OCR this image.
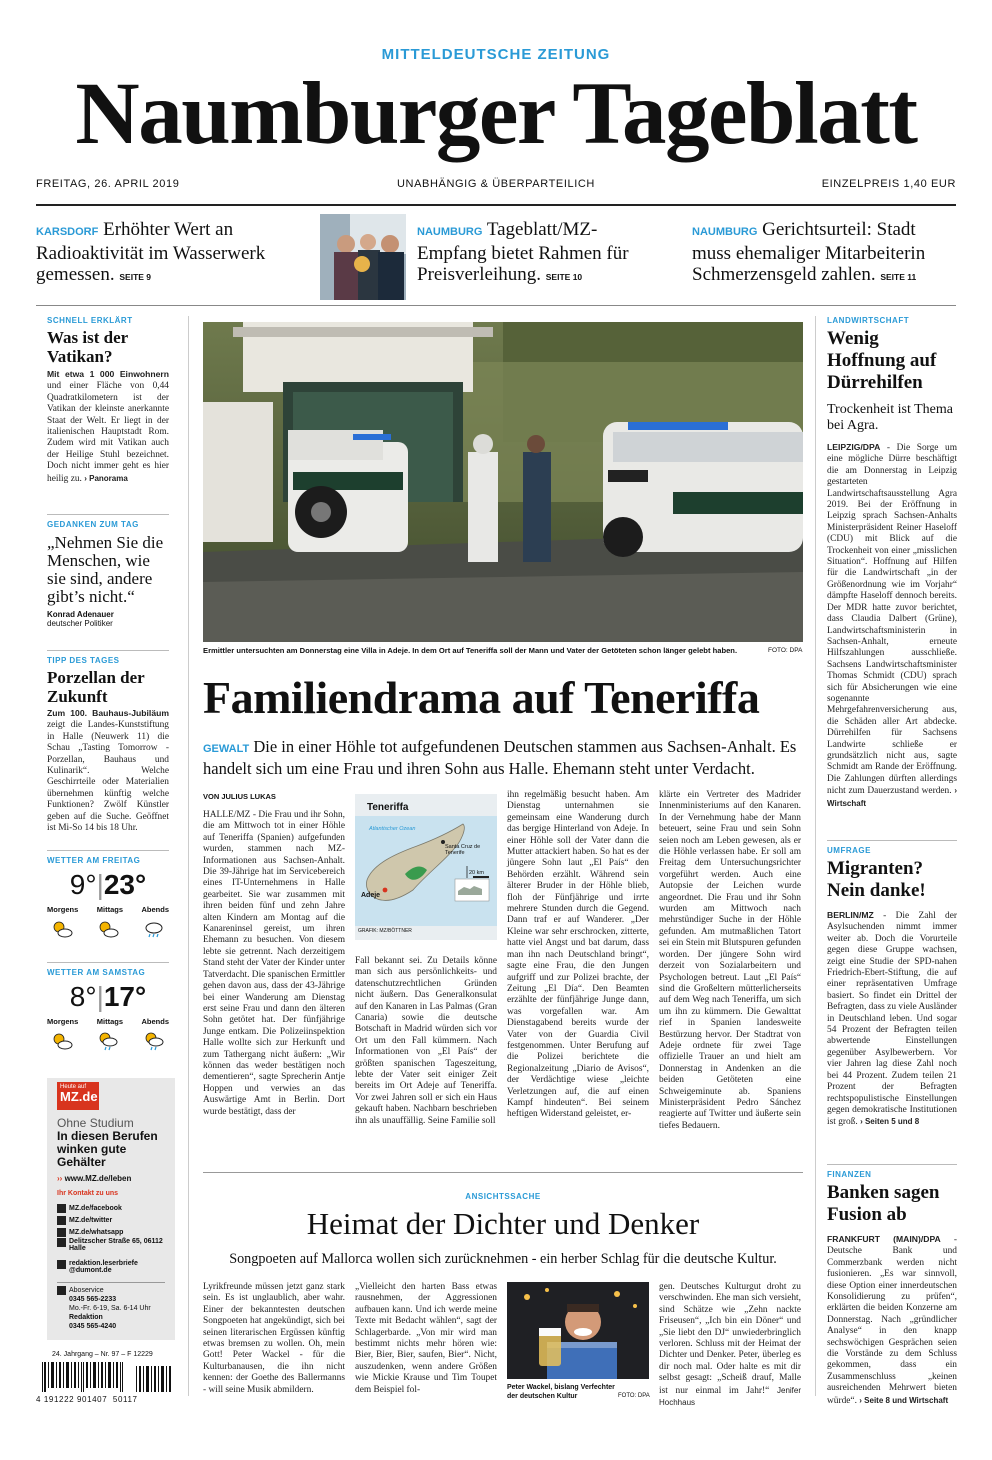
MITTELDEUTSCHE ZEITUNG
Naumburger Tageblatt
FREITAG, 26. APRIL 2019	UNABHÄNGIG & ÜBERPARTEILICH	EINZELPREIS 1,40 EUR
KARSDORF Erhöhter Wert an Radioaktivität im Wasserwerk gemessen. SEITE 9
NAUMBURG Tageblatt/MZ-Empfang bietet Rahmen für Preisverleihung. SEITE 10
NAUMBURG Gerichtsurteil: Stadt muss ehemaliger Mitarbeiterin Schmerzensgeld zahlen. SEITE 11
SCHNELL ERKLÄRT
Was ist der Vatikan?
Mit etwa 1 000 Einwohnern und einer Fläche von 0,44 Quadratkilometern ist der Vatikan der kleinste anerkannte Staat der Welt. Er liegt in der italienischen Hauptstadt Rom. Zudem wird mit Vatikan auch der Heilige Stuhl bezeichnet. Doch nicht immer geht es hier heilig zu. › Panorama
GEDANKEN ZUM TAG
„Nehmen Sie die Menschen, wie sie sind, andere gibt’s nicht.“
Konrad Adenauer
deutscher Politiker
TIPP DES TAGES
Porzellan der Zukunft
Zum 100. Bauhaus-Jubiläum zeigt die Landes-Kunststiftung in Halle (Neuwerk 11) die Schau „Tasting Tomorrow - Porzellan, Bauhaus und Kulinarik“. Welche Geschirrteile oder Materialien übernehmen künftig welche Funktionen? Zwölf Künstler geben auf die Suche. Geöffnet ist Mi-So 14 bis 18 Uhr.
WETTER AM FREITAG
9°|23°
Morgens Mittags Abends
WETTER AM SAMSTAG
8°|17°
Morgens Mittags Abends
Heute auf
MZ.de
Ohne Studium
In diesen Berufen winken gute Gehälter
›› www.MZ.de/leben
Ihr Kontakt zu uns
MZ.de/facebook
MZ.de/twitter
MZ.de/whatsapp
Delitzscher Straße 65, 06112 Halle
redaktion.leserbriefe @dumont.de
Aboservice
0345 565-2233
Mo.-Fr. 6-19, Sa. 6-14 Uhr
Redaktion
0345 565-4240
24. Jahrgang – Nr. 97 – F 12229
4 191222 901407  50117
Ermittler untersuchten am Donnerstag eine Villa in Adeje. In dem Ort auf Teneriffa soll der Mann und Vater der Getöteten schon länger gelebt haben.	FOTO: DPA
Familiendrama auf Teneriffa
GEWALT Die in einer Höhle tot aufgefundenen Deutschen stammen aus Sachsen-Anhalt. Es handelt sich um eine Frau und ihren Sohn aus Halle. Ehemann steht unter Verdacht.
VON JULIUS LUKAS
HALLE/MZ - Die Frau und ihr Sohn, die am Mittwoch tot in einer Höhle auf Teneriffa (Spanien) aufgefunden wurden, stammen nach MZ-Informationen aus Sachsen-Anhalt. Die 39-Jährige hat im Servicebereich eines IT-Unternehmens in Halle gearbeitet. Sie war zusammen mit ihren beiden fünf und zehn Jahre alten Kindern am Montag auf die Kanareninsel gereist, um ihren Ehemann zu besuchen. Von diesem lebte sie getrennt. Nach derzeitigem Stand steht der Vater der Kinder unter Tatverdacht. Die spanischen Ermittler gehen davon aus, dass der 43-Jährige bei einer Wanderung am Dienstag erst seine Frau und dann den älteren Sohn getötet hat. Der fünfjährige Junge entkam. Die Polizeiinspektion Halle wollte sich zur Herkunft und zum Tathergang nicht äußern: „Wir können das weder bestätigen noch dementieren“, sagte Sprecherin Antje Hoppen und verwies an das Auswärtige Amt in Berlin. Dort wurde bestätigt, dass der
Teneriffa
Atlantischer Ozean
Santa Cruz de Tenerife
Adeje
20 km
GRAFIK: MZ/BÖTTNER
Fall bekannt sei. Zu Details könne man sich aus persönlichkeits- und datenschutzrechtlichen Gründen nicht äußern. Das Generalkonsulat auf den Kanaren in Las Palmas (Gran Canaria) sowie die deutsche Botschaft in Madrid würden sich vor Ort um den Fall kümmern. Nach Informationen von „El País“ der größten spanischen Tageszeitung, lebte der Vater seit einiger Zeit bereits im Ort Adeje auf Teneriffa. Vor zwei Jahren soll er sich ein Haus gekauft haben. Nachbarn beschrieben ihn als unauffällig. Seine Familie soll
ihn regelmäßig besucht haben. Am Dienstag unternahmen sie gemeinsam eine Wanderung durch das bergige Hinterland von Adeje. In einer Höhle soll der Vater dann die Mutter attackiert haben. So hat es der jüngere Sohn laut „El País“ den Behörden erzählt. Während sein älterer Bruder in der Höhle blieb, floh der Fünfjährige und irrte mehrere Stunden durch die Gegend. Dann traf er auf Wanderer. „Der Kleine war sehr erschrocken, zitterte, hatte viel Angst und bat darum, dass man ihn nach Deutschland bringt“, sagte eine Frau, die den Jungen aufgriff und zur Polizei brachte, der Zeitung „El Día“. Den Beamten erzählte der fünfjährige Junge dann, was vorgefallen war. Am Dienstagabend bereits wurde der Vater von der Guardia Civil festgenommen. Unter Berufung auf die Polizei berichtete die Regionalzeitung „Diario de Avisos“, der Verdächtige wiese „leichte Verletzungen auf, die auf einen Kampf hindeuten“. Bei seinem heftigen Widerstand geleistet, er-
klärte ein Vertreter des Madrider Innenministeriums auf den Kanaren. In der Vernehmung habe der Mann beteuert, seine Frau und sein Sohn seien noch am Leben gewesen, als er die Höhle verlassen habe. Er soll am Freitag dem Untersuchungsrichter vorgeführt werden. Auch eine Autopsie der Leichen wurde angeordnet. Die Frau und ihr Sohn wurden am Mittwoch nach mehrstündiger Suche in der Höhle gefunden. Am mutmaßlichen Tatort sei ein Stein mit Blutspuren gefunden worden. Der jüngere Sohn wird derzeit von Sozialarbeitern und Psychologen betreut. Laut „El País“ sind die Großeltern mütterlicherseits auf dem Weg nach Teneriffa, um sich um ihn zu kümmern. Die Gewalttat rief in Spanien landesweite Bestürzung hervor. Der Stadtrat von Adeje ordnete für zwei Tage offizielle Trauer an und hielt am Donnerstag in Andenken an die beiden Getöteten eine Schweigeminute ab. Spaniens Ministerpräsident Pedro Sánchez reagierte auf Twitter und äußerte sein tiefes Bedauern.
ANSICHTSSACHE
Heimat der Dichter und Denker
Songpoeten auf Mallorca wollen sich zurücknehmen - ein herber Schlag für die deutsche Kultur.
Lyrikfreunde müssen jetzt ganz stark sein. Es ist unglaublich, aber wahr. Einer der bekanntesten deutschen Songpoeten hat angekündigt, sich bei seinen literarischen Ergüssen künftig etwas bremsen zu wollen. Oh, mein Gott! Peter Wackel - für die Kulturbanausen, die ihn nicht kennen: der Goethe des Ballermanns - will seine Musik abmildern.
„Vielleicht den harten Bass etwas rausnehmen, der Aggressionen aufbauen kann. Und ich werde meine Texte mit Bedacht wählen“, sagt der Schlagerbarde. „Von mir wird man bestimmt nichts mehr hören wie: Bier, Bier, Bier, saufen, Bier“. Nicht, auszudenken, wenn andere Größen wie Mickie Krause und Tim Toupet dem Beispiel fol-	Peter Wackel, bislang Verfechter der deutschen Kultur	FOTO: DPA
gen. Deutsches Kulturgut droht zu verschwinden. Ehe man sich versieht, sind Schätze wie „Zehn nackte Friseusen“, „Ich bin ein Döner“ und „Sie liebt den DJ“ unwiederbringlich verloren. Schluss mit der Heimat der Dichter und Denker. Peter, überleg es dir noch mal. Oder halte es mit dir selbst gesagt: „Scheiß drauf, Malle ist nur einmal im Jahr!“ Jenifer Hochhaus
LANDWIRTSCHAFT
Wenig Hoffnung auf Dürrehilfen
Trockenheit ist Thema bei Agra.
LEIPZIG/DPA - Die Sorge um eine mögliche Dürre beschäftigt die am Donnerstag in Leipzig gestarteten Landwirtschaftsausstellung Agra 2019. Bei der Eröffnung in Leipzig sprach Sachsen-Anhalts Ministerpräsident Reiner Haseloff (CDU) mit Blick auf die Trockenheit von einer „misslichen Situation“. Hoffnung auf Hilfen für die Landwirtschaft „in der Größenordnung wie im Vorjahr“ dämpfte Haseloff dennoch bereits. Der MDR hatte zuvor berichtet, dass Claudia Dalbert (Grüne), Landwirtschaftsministerin in Sachsen-Anhalt, erneute Hilfszahlungen ausschließe. Sachsens Landwirtschaftsminister Thomas Schmidt (CDU) sprach sich für Absicherungen wie eine sogenannte Mehrgefahrenversicherung aus, die Schäden aller Art abdecke. Dürrehilfen für Sachsens Landwirte schließe er grundsätzlich nicht aus, sagte Schmidt am Rande der Eröffnung. Die Zahlungen dürften allerdings nicht zum Dauerzustand werden. › Wirtschaft
UMFRAGE
Migranten? Nein danke!
BERLIN/MZ - Die Zahl der Asylsuchenden nimmt immer weiter ab. Doch die Vorurteile gegen diese Gruppe wachsen, zeigt eine Studie der SPD-nahen Friedrich-Ebert-Stiftung, die auf einer repräsentativen Umfrage basiert. So findet ein Drittel der Befragten, dass zu viele Ausländer in Deutschland leben. Und sogar 54 Prozent der Befragten teilen abwertende Einstellungen gegenüber Asylbewerbern. Vor vier Jahren lag diese Zahl noch bei 44 Prozent. Zudem teilen 21 Prozent der Befragten rechtspopulistische Einstellungen gegen demokratische Institutionen ist groß. › Seiten 5 und 8
FINANZEN
Banken sagen Fusion ab
FRANKFURT (MAIN)/DPA - Deutsche Bank und Commerzbank werden nicht fusionieren. „Es war sinnvoll, diese Option einer innerdeutschen Konsolidierung zu prüfen“, erklärten die beiden Konzerne am Donnerstag. Nach „gründlicher Analyse“ in den knapp sechswöchigen Gesprächen seien die Vorstände zu dem Schluss gekommen, dass ein Zusammenschluss „keinen ausreichenden Mehrwert bieten würde“. › Seite 8 und Wirtschaft
